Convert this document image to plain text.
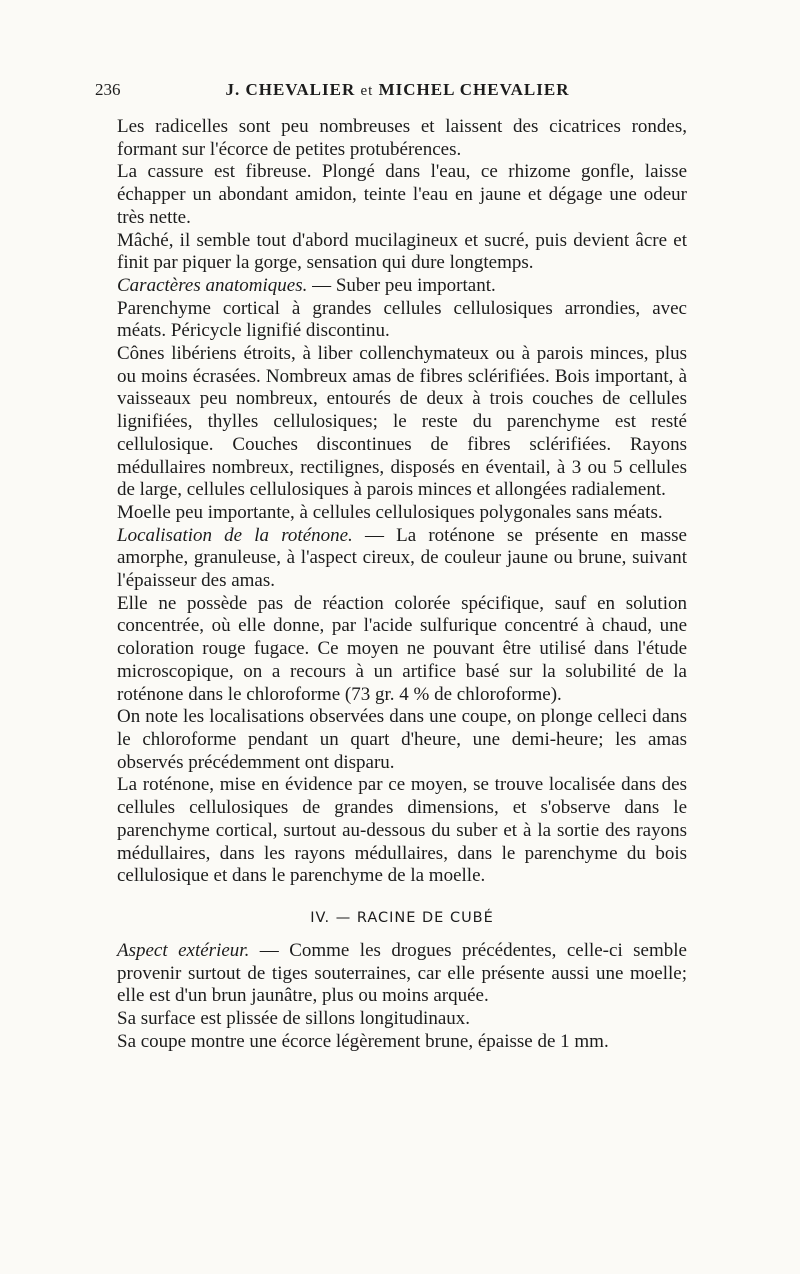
236	J. CHEVALIER et MICHEL CHEVALIER

Les radicelles sont peu nombreuses et laissent des cicatrices rondes, formant sur l'écorce de petites protubérences.

La cassure est fibreuse. Plongé dans l'eau, ce rhizome gonfle, laisse échapper un abondant amidon, teinte l'eau en jaune et dégage une odeur très nette.

Mâché, il semble tout d'abord mucilagineux et sucré, puis devient âcre et finit par piquer la gorge, sensation qui dure longtemps.

Caractères anatomiques. — Suber peu important.

Parenchyme cortical à grandes cellules cellulosiques arrondies, avec méats. Péricycle lignifié discontinu.

Cônes libériens étroits, à liber collenchymateux ou à parois minces, plus ou moins écrasées. Nombreux amas de fibres sclérifiées. Bois important, à vaisseaux peu nombreux, entourés de deux à trois couches de cellules lignifiées, thylles cellulosiques; le reste du parenchyme est resté cellulosique. Couches discontinues de fibres sclérifiées. Rayons médullaires nombreux, rectilignes, disposés en éventail, à 3 ou 5 cellules de large, cellules cellulosiques à parois minces et allongées radialement.

Moelle peu importante, à cellules cellulosiques polygonales sans méats.

Localisation de la roténone. — La roténone se présente en masse amorphe, granuleuse, à l'aspect cireux, de couleur jaune ou brune, suivant l'épaisseur des amas.

Elle ne possède pas de réaction colorée spécifique, sauf en solution concentrée, où elle donne, par l'acide sulfurique concentré à chaud, une coloration rouge fugace. Ce moyen ne pouvant être utilisé dans l'étude microscopique, on a recours à un artifice basé sur la solubilité de la roténone dans le chloroforme (73 gr. 4 % de chloroforme).

On note les localisations observées dans une coupe, on plonge celleci dans le chloroforme pendant un quart d'heure, une demi-heure; les amas observés précédemment ont disparu.

La roténone, mise en évidence par ce moyen, se trouve localisée dans des cellules cellulosiques de grandes dimensions, et s'observe dans le parenchyme cortical, surtout au-dessous du suber et à la sortie des rayons médullaires, dans les rayons médullaires, dans le parenchyme du bois cellulosique et dans le parenchyme de la moelle.

IV. — RACINE DE CUBÉ

Aspect extérieur. — Comme les drogues précédentes, celle-ci semble provenir surtout de tiges souterraines, car elle présente aussi une moelle; elle est d'un brun jaunâtre, plus ou moins arquée.

Sa surface est plissée de sillons longitudinaux.

Sa coupe montre une écorce légèrement brune, épaisse de 1 mm.
